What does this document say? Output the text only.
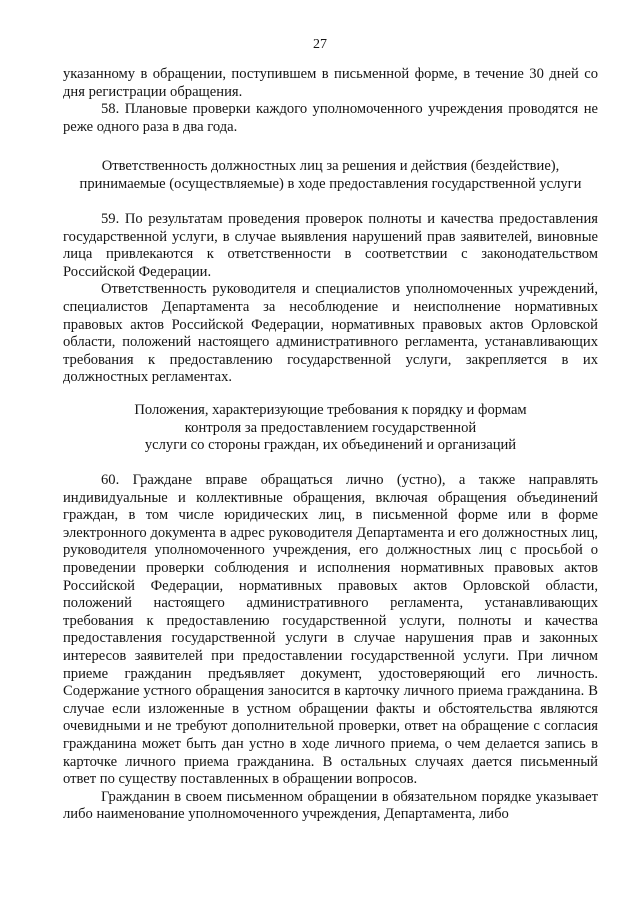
27

указанному в обращении, поступившем в письменной форме, в течение 30 дней со дня регистрации обращения.

58. Плановые проверки каждого уполномоченного учреждения проводятся не реже одного раза в два года.

Ответственность должностных лиц за решения и действия (бездействие),

принимаемые (осуществляемые) в ходе предоставления государственной услуги

59. По результатам проведения проверок полноты и качества предоставления государственной услуги, в случае выявления нарушений прав заявителей, виновные лица привлекаются к ответственности в соответствии с законодательством Российской Федерации.

Ответственность руководителя и специалистов уполномоченных учреждений, специалистов Департамента за несоблюдение и неисполнение нормативных правовых актов Российской Федерации, нормативных правовых актов Орловской области, положений настоящего административного регламента, устанавливающих требования к предоставлению государственной услуги, закрепляется в их должностных регламентах.

Положения, характеризующие требования к порядку и формам

контроля за предоставлением государственной

услуги со стороны граждан, их объединений и организаций

60. Граждане вправе обращаться лично (устно), а также направлять индивидуальные и коллективные обращения, включая обращения объединений граждан, в том числе юридических лиц, в письменной форме или в форме электронного документа в адрес руководителя Департамента и его должностных лиц, руководителя уполномоченного учреждения, его должностных лиц с просьбой о проведении проверки соблюдения и исполнения нормативных правовых актов Российской Федерации, нормативных правовых актов Орловской области, положений настоящего административного регламента, устанавливающих требования к предоставлению государственной услуги, полноты и качества предоставления государственной услуги в случае нарушения прав и законных интересов заявителей при предоставлении государственной услуги. При личном приеме гражданин предъявляет документ, удостоверяющий его личность. Содержание устного обращения заносится в карточку личного приема гражданина. В случае если изложенные в устном обращении факты и обстоятельства являются очевидными и не требуют дополнительной проверки, ответ на обращение с согласия гражданина может быть дан устно в ходе личного приема, о чем делается запись в карточке личного приема гражданина. В остальных случаях дается письменный ответ по существу поставленных в обращении вопросов.

Гражданин в своем письменном обращении в обязательном порядке указывает либо наименование уполномоченного учреждения, Департамента, либо
